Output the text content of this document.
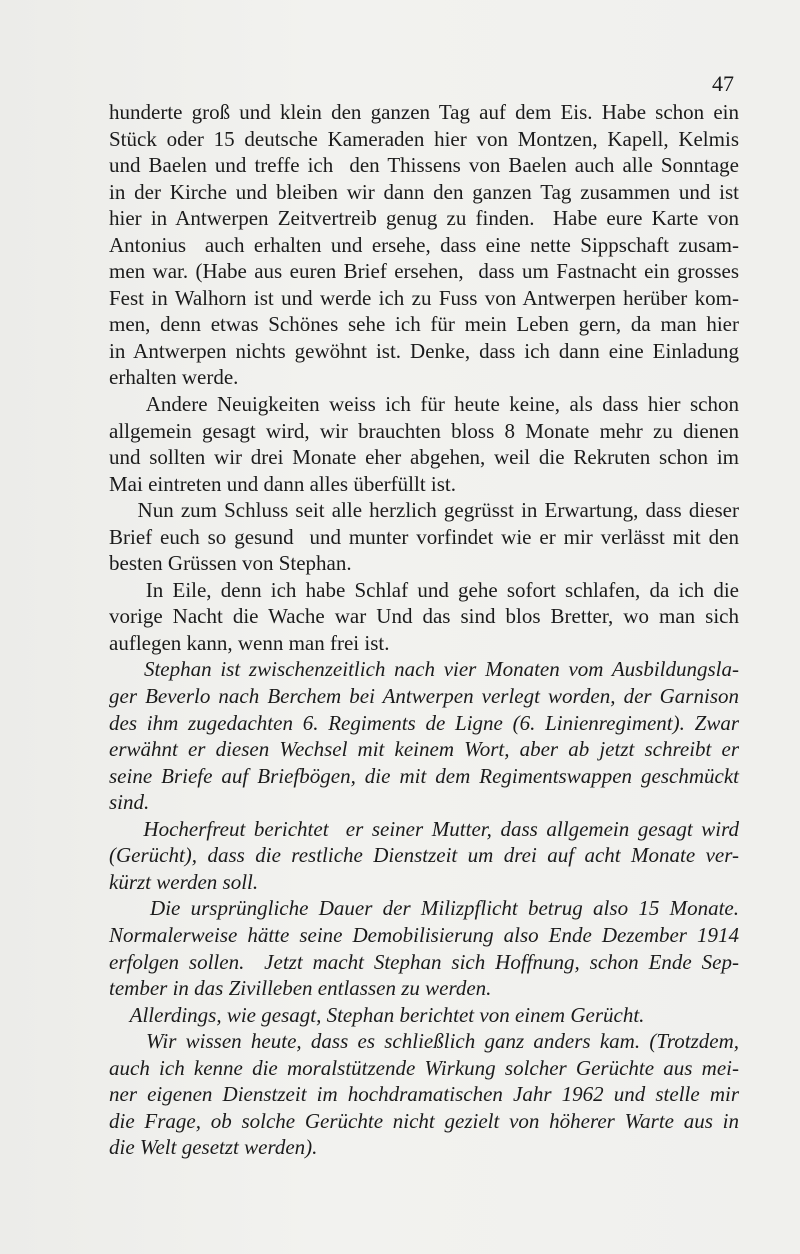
47
hunderte groß und klein den ganzen Tag auf dem Eis. Habe schon ein
Stück oder 15 deutsche Kameraden hier von Montzen, Kapell, Kelmis
und Baelen und treffe ich  den Thissens von Baelen auch alle Sonntage
in der Kirche und bleiben wir dann den ganzen Tag zusammen und ist
hier in Antwerpen Zeitvertreib genug zu finden.  Habe eure Karte von
Antonius  auch erhalten und ersehe, dass eine nette Sippschaft zusam-
men war. (Habe aus euren Brief ersehen,  dass um Fastnacht ein grosses
Fest in Walhorn ist und werde ich zu Fuss von Antwerpen herüber kom-
men, denn etwas Schönes sehe ich für mein Leben gern, da man hier
in Antwerpen nichts gewöhnt ist. Denke, dass ich dann eine Einladung
erhalten werde.
Andere Neuigkeiten weiss ich für heute keine, als dass hier schon
allgemein gesagt wird, wir brauchten bloss 8 Monate mehr zu dienen
und sollten wir drei Monate eher abgehen, weil die Rekruten schon im
Mai eintreten und dann alles überfüllt ist.
Nun zum Schluss seit alle herzlich gegrüsst in Erwartung, dass dieser
Brief euch so gesund  und munter vorfindet wie er mir verlässt mit den
besten Grüssen von Stephan.
In Eile, denn ich habe Schlaf und gehe sofort schlafen, da ich die
vorige Nacht die Wache war Und das sind blos Bretter, wo man sich
auflegen kann, wenn man frei ist.
Stephan ist zwischenzeitlich nach vier Monaten vom Ausbildungsla-
ger Beverlo nach Berchem bei Antwerpen verlegt worden, der Garnison
des ihm zugedachten 6. Regiments de Ligne (6. Linienregiment). Zwar
erwähnt er diesen Wechsel mit keinem Wort, aber ab jetzt schreibt er
seine Briefe auf Briefbögen, die mit dem Regimentswappen geschmückt
sind.
Hocherfreut berichtet  er seiner Mutter, dass allgemein gesagt wird
(Gerücht), dass die restliche Dienstzeit um drei auf acht Monate ver-
kürzt werden soll.
Die ursprüngliche Dauer der Milizpflicht betrug also 15 Monate.
Normalerweise hätte seine Demobilisierung also Ende Dezember 1914
erfolgen sollen.  Jetzt macht Stephan sich Hoffnung, schon Ende Sep-
tember in das Zivilleben entlassen zu werden.
Allerdings, wie gesagt, Stephan berichtet von einem Gerücht.
Wir wissen heute, dass es schließlich ganz anders kam. (Trotzdem,
auch ich kenne die moralstützende Wirkung solcher Gerüchte aus mei-
ner eigenen Dienstzeit im hochdramatischen Jahr 1962 und stelle mir
die Frage, ob solche Gerüchte nicht gezielt von höherer Warte aus in
die Welt gesetzt werden).
